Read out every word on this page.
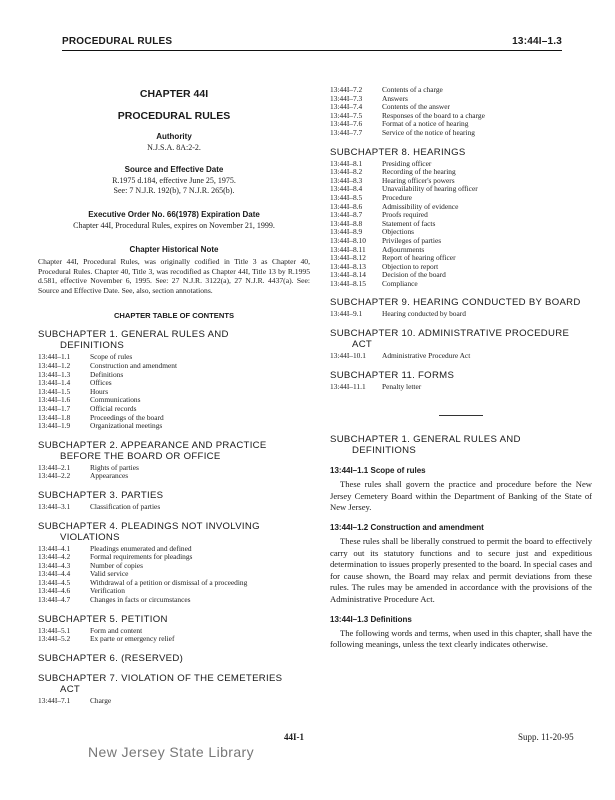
PROCEDURAL RULES	13:44I–1.3
CHAPTER 44I
PROCEDURAL RULES
Authority
N.J.S.A. 8A:2-2.
Source and Effective Date
R.1975 d.184, effective June 25, 1975.
See: 7 N.J.R. 192(b), 7 N.J.R. 265(b).
Executive Order No. 66(1978) Expiration Date
Chapter 44I, Procedural Rules, expires on November 21, 1999.
Chapter Historical Note
Chapter 44I, Procedural Rules, was originally codified in Title 3 as Chapter 40, Procedural Rules. Chapter 40, Title 3, was recodified as Chapter 44I, Title 13 by R.1995 d.581, effective November 6, 1995. See: 27 N.J.R. 3122(a), 27 N.J.R. 4437(a). See: Source and Effective Date. See, also, section annotations.
CHAPTER TABLE OF CONTENTS
SUBCHAPTER 1. GENERAL RULES AND
DEFINITIONS
13:44I–1.1	Scope of rules
13:44I–1.2	Construction and amendment
13:44I–1.3	Definitions
13:44I–1.4	Offices
13:44I–1.5	Hours
13:44I–1.6	Communications
13:44I–1.7	Official records
13:44I–1.8	Proceedings of the board
13:44I–1.9	Organizational meetings
SUBCHAPTER 2. APPEARANCE AND PRACTICE
BEFORE THE BOARD OR OFFICE
13:44I–2.1	Rights of parties
13:44I–2.2	Appearances
SUBCHAPTER 3. PARTIES
13:44I–3.1	Classification of parties
SUBCHAPTER 4. PLEADINGS NOT INVOLVING
VIOLATIONS
13:44I–4.1	Pleadings enumerated and defined
13:44I–4.2	Formal requirements for pleadings
13:44I–4.3	Number of copies
13:44I–4.4	Valid service
13:44I–4.5	Withdrawal of a petition or dismissal of a proceeding
13:44I–4.6	Verification
13:44I–4.7	Changes in facts or circumstances
SUBCHAPTER 5. PETITION
13:44I–5.1	Form and content
13:44I–5.2	Ex parte or emergency relief
SUBCHAPTER 6. (RESERVED)
SUBCHAPTER 7. VIOLATION OF THE CEMETERIES
ACT
13:44I–7.1	Charge
13:44I–7.2	Contents of a charge
13:44I–7.3	Answers
13:44I–7.4	Contents of the answer
13:44I–7.5	Responses of the board to a charge
13:44I–7.6	Format of a notice of hearing
13:44I–7.7	Service of the notice of hearing
SUBCHAPTER 8. HEARINGS
13:44I–8.1	Presiding officer
13:44I–8.2	Recording of the hearing
13:44I–8.3	Hearing officer's powers
13:44I–8.4	Unavailability of hearing officer
13:44I–8.5	Procedure
13:44I–8.6	Admissibility of evidence
13:44I–8.7	Proofs required
13:44I–8.8	Statement of facts
13:44I–8.9	Objections
13:44I–8.10	Privileges of parties
13:44I–8.11	Adjournments
13:44I–8.12	Report of hearing officer
13:44I–8.13	Objection to report
13:44I–8.14	Decision of the board
13:44I–8.15	Compliance
SUBCHAPTER 9. HEARING CONDUCTED BY BOARD
13:44I–9.1	Hearing conducted by board
SUBCHAPTER 10. ADMINISTRATIVE PROCEDURE
ACT
13:44I–10.1	Administrative Procedure Act
SUBCHAPTER 11. FORMS
13:44I–11.1	Penalty letter
SUBCHAPTER 1. GENERAL RULES AND
DEFINITIONS
13:44I–1.1 Scope of rules
These rules shall govern the practice and procedure before the New Jersey Cemetery Board within the Department of Banking of the State of New Jersey.
13:44I–1.2 Construction and amendment
These rules shall be liberally construed to permit the board to effectively carry out its statutory functions and to secure just and expeditious determination to issues properly presented to the board. In special cases and for cause shown, the Board may relax and permit deviations from these rules. The rules may be amended in accordance with the provisions of the Administrative Procedure Act.
13:44I–1.3 Definitions
The following words and terms, when used in this chapter, shall have the following meanings, unless the text clearly indicates otherwise.
44I-1	Supp. 11-20-95
New Jersey State Library
